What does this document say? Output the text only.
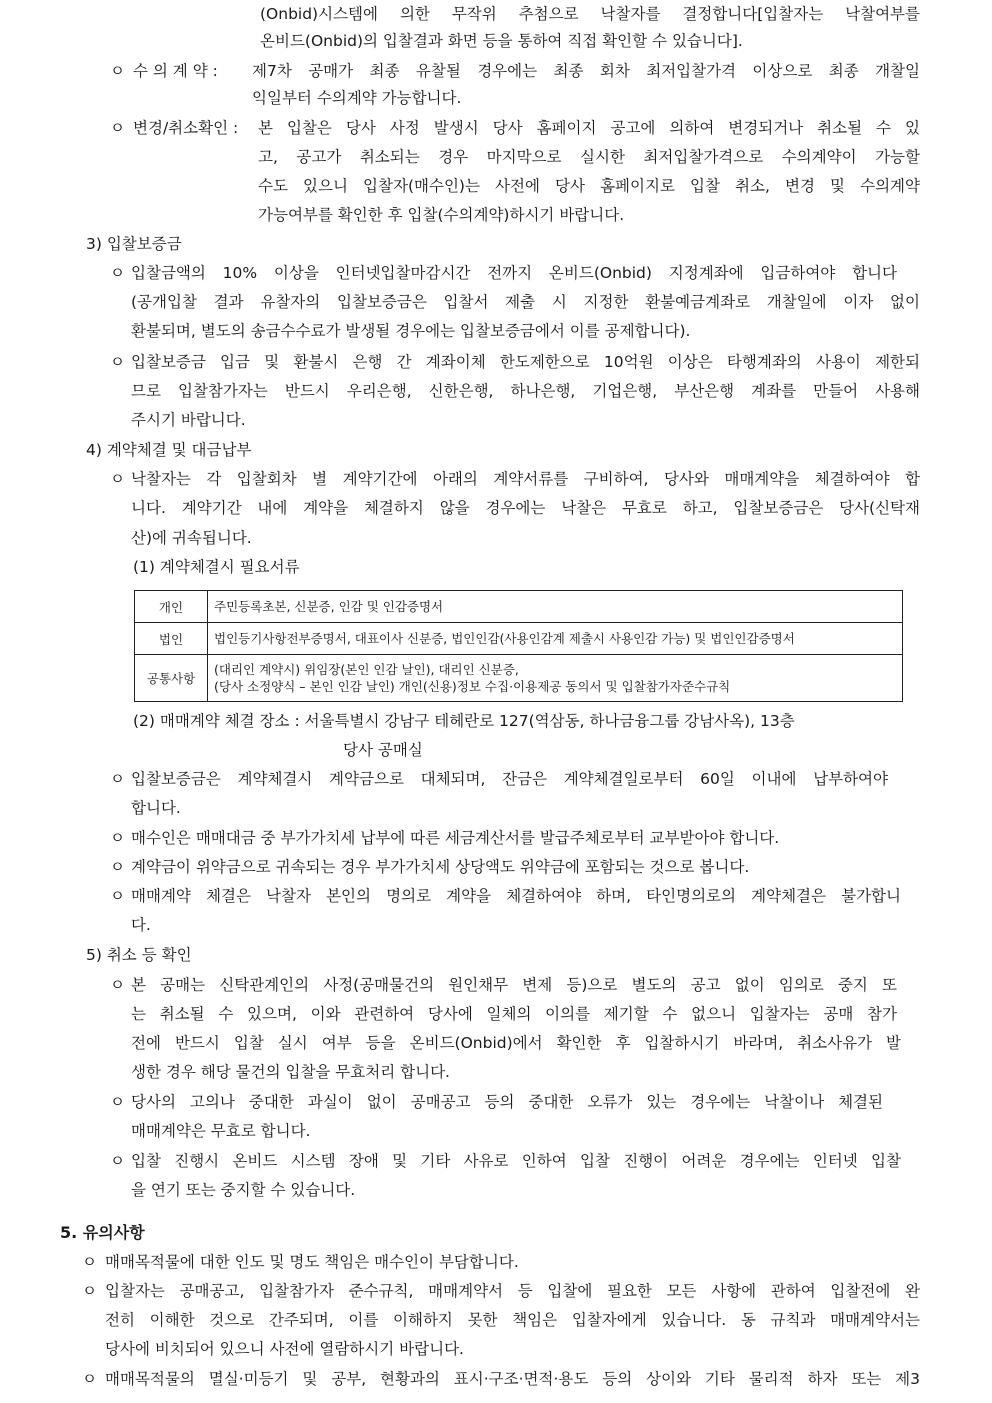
(Onbid)시스템에 의한 무작위 추첨으로 낙찰자를 결정합니다[입찰자는 낙찰여부를
온비드(Onbid)의 입찰결과 화면 등을 통하여 직접 확인할 수 있습니다].
ㅇ 수 의 계 약 : 제7차 공매가 최종 유찰될 경우에는 최종 회차 최저입찰가격 이상으로 최종 개찰일
익일부터 수의계약 가능합니다.
ㅇ 변경/취소확인 : 본 입찰은 당사 사정 발생시 당사 홈페이지 공고에 의하여 변경되거나 취소될 수 있
고, 공고가 취소되는 경우 마지막으로 실시한 최저입찰가격으로 수의계약이 가능할
수도 있으니 입찰자(매수인)는 사전에 당사 홈페이지로 입찰 취소, 변경 및 수의계약
가능여부를 확인한 후 입찰(수의계약)하시기 바랍니다.
3) 입찰보증금
ㅇ 입찰금액의 10% 이상을 인터넷입찰마감시간 전까지 온비드(Onbid) 지정계좌에 입금하여야 합니다
(공개입찰 결과 유찰자의 입찰보증금은 입찰서 제출 시 지정한 환불예금계좌로 개찰일에 이자 없이
환불되며, 별도의 송금수수료가 발생될 경우에는 입찰보증금에서 이를 공제합니다).
ㅇ 입찰보증금 입금 및 환불시 은행 간 계좌이체 한도제한으로 10억원 이상은 타행계좌의 사용이 제한되
므로 입찰참가자는 반드시 우리은행, 신한은행, 하나은행, 기업은행, 부산은행 계좌를 만들어 사용해
주시기 바랍니다.
4) 계약체결 및 대금납부
ㅇ 낙찰자는 각 입찰회차 별 계약기간에 아래의 계약서류를 구비하여, 당사와 매매계약을 체결하여야 합
니다. 계약기간 내에 계약을 체결하지 않을 경우에는 낙찰은 무효로 하고, 입찰보증금은 당사(신탁재
산)에 귀속됩니다.
(1) 계약체결시 필요서류
개인	주민등록초본, 신분증, 인감 및 인감증명서

법인	법인등기사항전부증명서, 대표이사 신분증, 법인인감(사용인감계 제출시 사용인감 가능) 및 법인인감증명서

공통사항	(대리인 계약시) 위임장(본인 인감 날인), 대리인 신분증,
(당사 소정양식 – 본인 인감 날인) 개인(신용)정보 수집·이용제공 동의서 및 입찰참가자준수규칙
(2) 매매계약 체결 장소 : 서울특별시 강남구 테헤란로 127(역삼동, 하나금융그룹 강남사옥), 13층
당사 공매실
ㅇ 입찰보증금은 계약체결시 계약금으로 대체되며, 잔금은 계약체결일로부터 60일 이내에 납부하여야
합니다.
ㅇ 매수인은 매매대금 중 부가가치세 납부에 따른 세금계산서를 발급주체로부터 교부받아야 합니다.
ㅇ 계약금이 위약금으로 귀속되는 경우 부가가치세 상당액도 위약금에 포함되는 것으로 봅니다.
ㅇ 매매계약 체결은 낙찰자 본인의 명의로 계약을 체결하여야 하며, 타인명의로의 계약체결은 불가합니
다.
5) 취소 등 확인
ㅇ 본 공매는 신탁관계인의 사정(공매물건의 원인채무 변제 등)으로 별도의 공고 없이 임의로 중지 또
는 취소될 수 있으며, 이와 관련하여 당사에 일체의 이의를 제기할 수 없으니 입찰자는 공매 참가
전에 반드시 입찰 실시 여부 등을 온비드(Onbid)에서 확인한 후 입찰하시기 바라며, 취소사유가 발
생한 경우 해당 물건의 입찰을 무효처리 합니다.
ㅇ 당사의 고의나 중대한 과실이 없이 공매공고 등의 중대한 오류가 있는 경우에는 낙찰이나 체결된
매매계약은 무효로 합니다.
ㅇ 입찰 진행시 온비드 시스템 장애 및 기타 사유로 인하여 입찰 진행이 어려운 경우에는 인터넷 입찰
을 연기 또는 중지할 수 있습니다.
5. 유의사항
ㅇ 매매목적물에 대한 인도 및 명도 책임은 매수인이 부담합니다.
ㅇ 입찰자는 공매공고, 입찰참가자 준수규칙, 매매계약서 등 입찰에 필요한 모든 사항에 관하여 입찰전에 완
전히 이해한 것으로 간주되며, 이를 이해하지 못한 책임은 입찰자에게 있습니다. 동 규칙과 매매계약서는
당사에 비치되어 있으니 사전에 열람하시기 바랍니다.
ㅇ 매매목적물의 멸실·미등기 및 공부, 현황과의 표시·구조·면적·용도 등의 상이와 기타 물리적 하자 또는 제3
